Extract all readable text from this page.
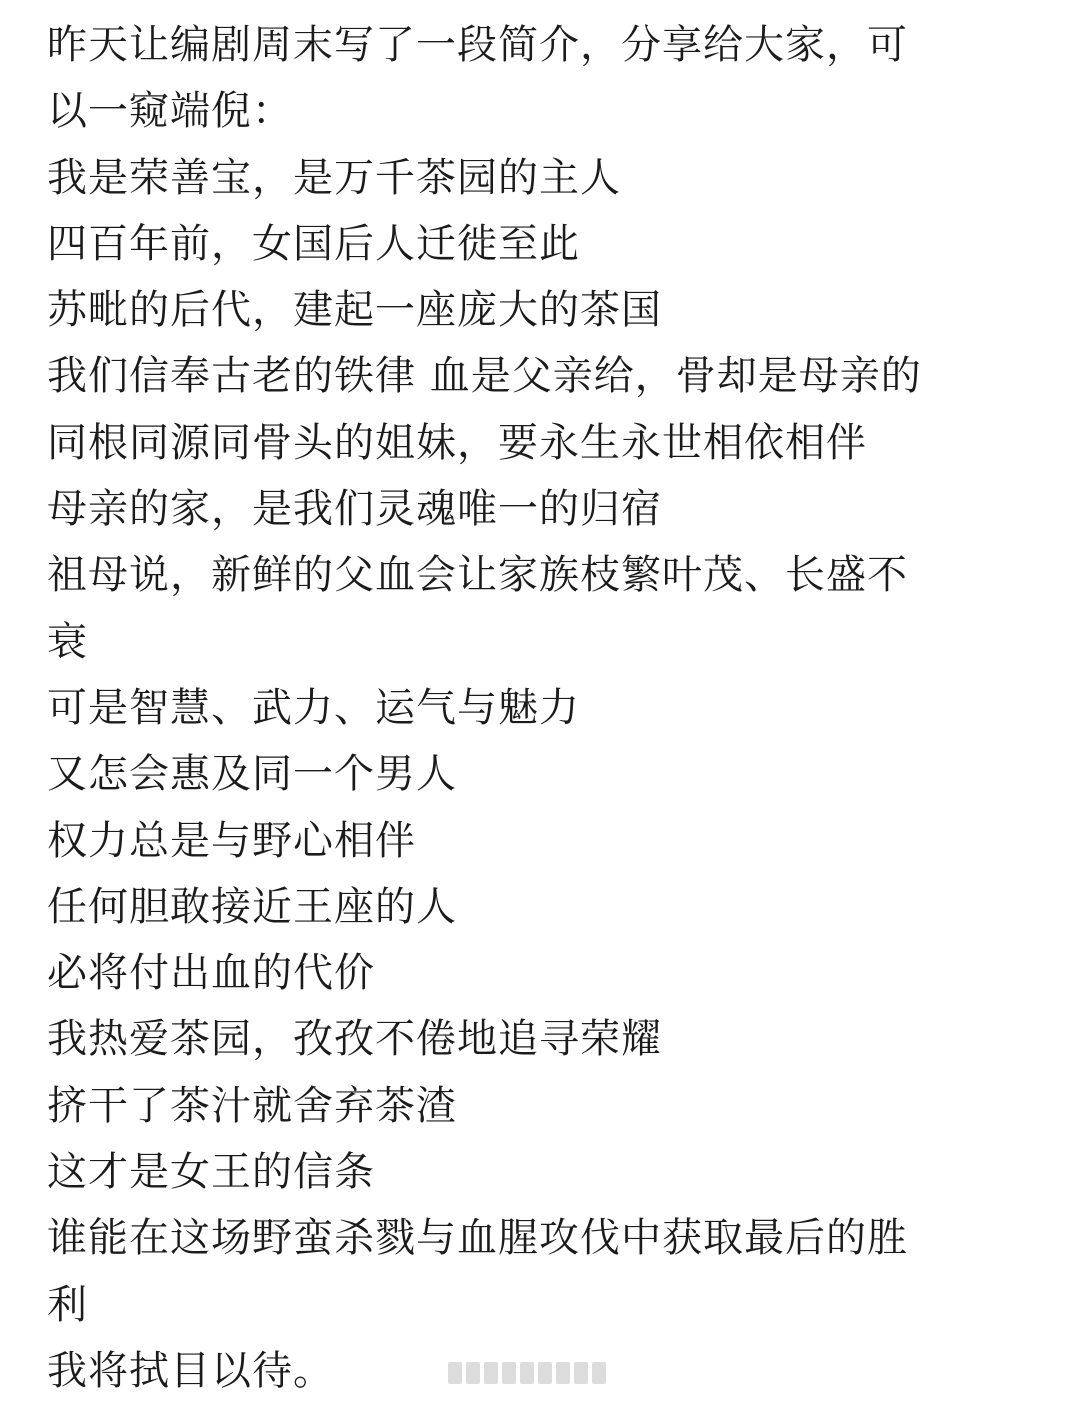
昨天让编剧周末写了一段简介，分享给大家，可
以一窥端倪：
我是荣善宝，是万千茶园的主人
四百年前，女国后人迁徙至此
苏毗的后代，建起一座庞大的茶国
我们信奉古老的铁律 血是父亲给，骨却是母亲的
同根同源同骨头的姐妹，要永生永世相依相伴
母亲的家，是我们灵魂唯一的归宿
祖母说，新鲜的父血会让家族枝繁叶茂、长盛不
衰
可是智慧、武力、运气与魅力
又怎会惠及同一个男人
权力总是与野心相伴
任何胆敢接近王座的人
必将付出血的代价
我热爱茶园，孜孜不倦地追寻荣耀
挤干了茶汁就舍弃茶渣
这才是女王的信条
谁能在这场野蛮杀戮与血腥攻伐中获取最后的胜
利
我将拭目以待。
